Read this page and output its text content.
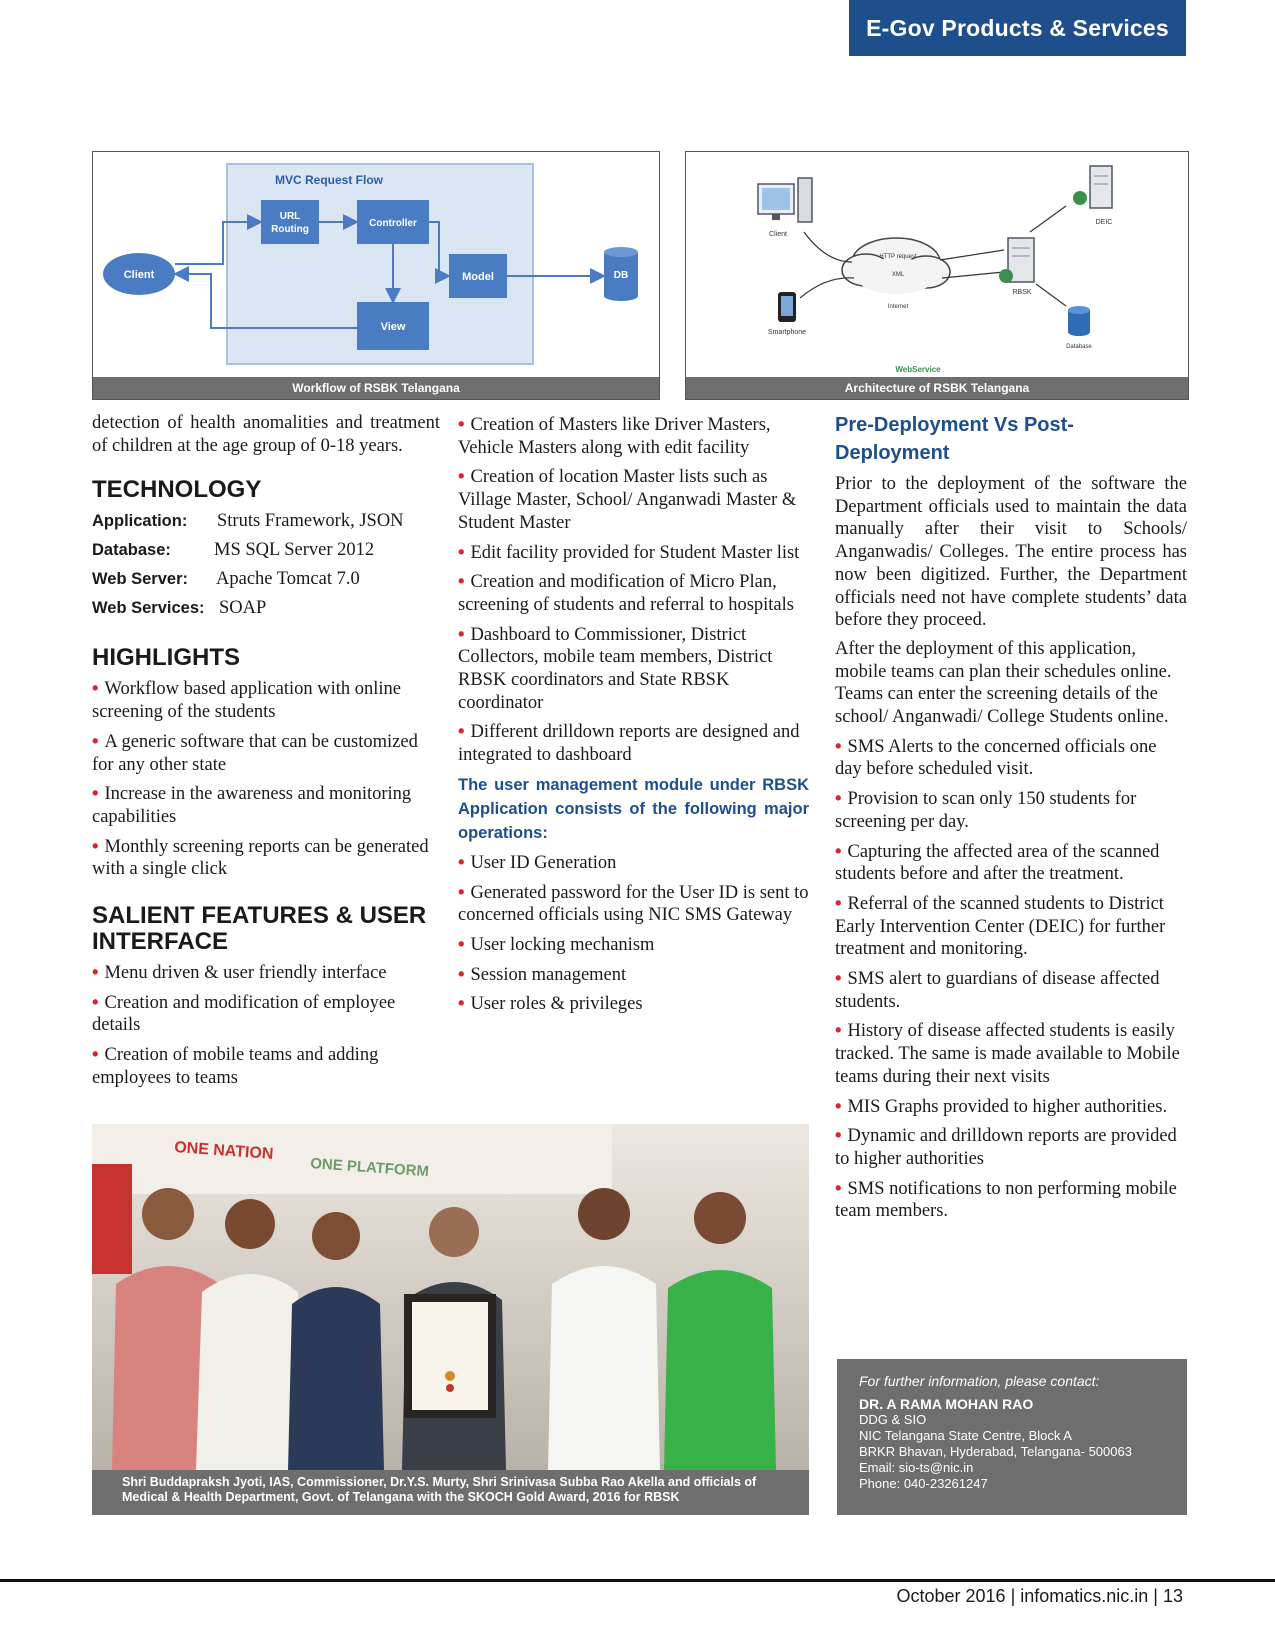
E-Gov Products & Services
MVC Request Flow
Client
URL
Routing
Controller
Model
View
DB
Workflow of RSBK Telangana
Client
Smartphone
HTTP request
XML
Internet
RBSK
DEIC
Database
WebService
Architecture of RSBK Telangana

detection of health anomalities and treatment of children at the age group of 0-18 years.

TECHNOLOGY
Application: Struts Framework, JSON
Database: MS SQL Server 2012
Web Server: Apache Tomcat 7.0
Web Services: SOAP
HIGHLIGHTS
• Workflow based application with online screening of the students
• A generic software that can be customized for any other state
• Increase in the awareness and monitoring capabilities
• Monthly screening reports can be generated with a single click
SALIENT FEATURES & USER
INTERFACE
• Menu driven & user friendly interface
• Creation and modification of employee details
• Creation of mobile teams and adding employees to teams
• Creation of Masters like Driver Masters, Vehicle Masters along with edit facility
• Creation of location Master lists such as Village Master, School/ Anganwadi Master & Student Master
• Edit facility provided for Student Master list
• Creation and modification of Micro Plan, screening of students and referral to hospitals
• Dashboard to Commissioner, District Collectors, mobile team members, District RBSK coordinators and State RBSK coordinator
• Different drilldown reports are designed and integrated to dashboard

The user management module under RBSK Application consists of the following major operations:

• User ID Generation
• Generated password for the User ID is sent to concerned officials using NIC SMS Gateway
• User locking mechanism
• Session management
• User roles & privileges
Pre-Deployment Vs Post-
Deployment

Prior to the deployment of the software the Department officials used to maintain the data manually after their visit to Schools/ Anganwadis/ Colleges. The entire process has now been digitized. Further, the Department officials need not have complete students’ data before they proceed.

After the deployment of this application, mobile teams can plan their schedules online. Teams can enter the screening details of the school/ Anganwadi/ College Students online.

• SMS Alerts to the concerned officials one day before scheduled visit.
• Provision to scan only 150 students for screening per day.
• Capturing the affected area of the scanned students before and after the treatment.
• Referral of the scanned students to District Early Intervention Center (DEIC) for further treatment and monitoring.
• SMS alert to guardians of disease affected students.
• History of disease affected students is easily tracked. The same is made available to Mobile teams during their next visits
• MIS Graphs provided to higher authorities.
• Dynamic and drilldown reports are provided to higher authorities
• SMS notifications to non performing mobile team members.
ONE NATION
ONE PLATFORM
Shri Buddapraksh Jyoti, IAS, Commissioner, Dr.Y.S. Murty, Shri Srinivasa Subba Rao Akella and officials of Medical & Health Department, Govt. of Telangana with the SKOCH Gold Award, 2016 for RBSK
For further information, please contact:
DR. A RAMA MOHAN RAO
DDG & SIO
NIC Telangana State Centre, Block A
BRKR Bhavan, Hyderabad, Telangana- 500063
Email: sio-ts@nic.in
Phone: 040-23261247
October 2016 | infomatics.nic.in | 13
